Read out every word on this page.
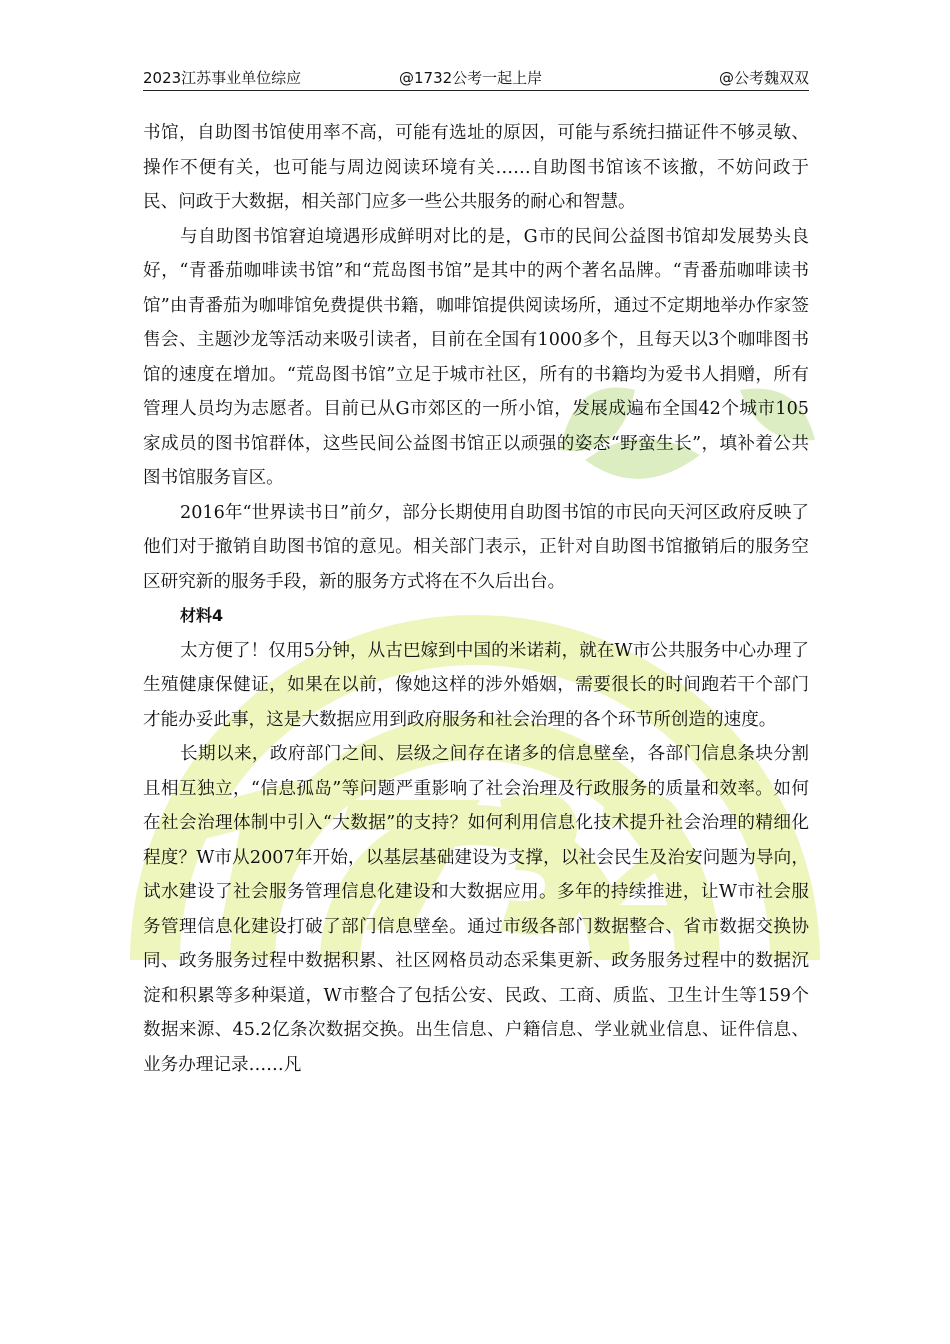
2023江苏事业单位综应	@1732公考一起上岸	@公考魏双双

书馆，自助图书馆使用率不高，可能有选址的原因，可能与系统扫描证件不够灵敏、操作不便有关，也可能与周边阅读环境有关……自助图书馆该不该撤，不妨问政于民、问政于大数据，相关部门应多一些公共服务的耐心和智慧。

与自助图书馆窘迫境遇形成鲜明对比的是，G市的民间公益图书馆却发展势头良好，“青番茄咖啡读书馆”和“荒岛图书馆”是其中的两个著名品牌。“青番茄咖啡读书馆”由青番茄为咖啡馆免费提供书籍，咖啡馆提供阅读场所，通过不定期地举办作家签售会、主题沙龙等活动来吸引读者，目前在全国有1000多个，且每天以3个咖啡图书馆的速度在增加。“荒岛图书馆”立足于城市社区，所有的书籍均为爱书人捐赠，所有管理人员均为志愿者。目前已从G市郊区的一所小馆，发展成遍布全国42个城市105家成员的图书馆群体，这些民间公益图书馆正以顽强的姿态“野蛮生长”，填补着公共图书馆服务盲区。

2016年“世界读书日”前夕，部分长期使用自助图书馆的市民向天河区政府反映了他们对于撤销自助图书馆的意见。相关部门表示，正针对自助图书馆撤销后的服务空区研究新的服务手段，新的服务方式将在不久后出台。

材料4

太方便了！仅用5分钟，从古巴嫁到中国的米诺莉，就在W市公共服务中心办理了生殖健康保健证，如果在以前，像她这样的涉外婚姻，需要很长的时间跑若干个部门才能办妥此事，这是大数据应用到政府服务和社会治理的各个环节所创造的速度。

长期以来，政府部门之间、层级之间存在诸多的信息壁垒，各部门信息条块分割且相互独立，“信息孤岛”等问题严重影响了社会治理及行政服务的质量和效率。如何在社会治理体制中引入“大数据”的支持？如何利用信息化技术提升社会治理的精细化程度？W市从2007年开始，以基层基础建设为支撑，以社会民生及治安问题为导向，试水建设了社会服务管理信息化建设和大数据应用。多年的持续推进，让W市社会服务管理信息化建设打破了部门信息壁垒。通过市级各部门数据整合、省市数据交换协同、政务服务过程中数据积累、社区网格员动态采集更新、政务服务过程中的数据沉淀和积累等多种渠道，W市整合了包括公安、民政、工商、质监、卫生计生等159个数据来源、45.2亿条次数据交换。出生信息、户籍信息、学业就业信息、证件信息、业务办理记录……凡
